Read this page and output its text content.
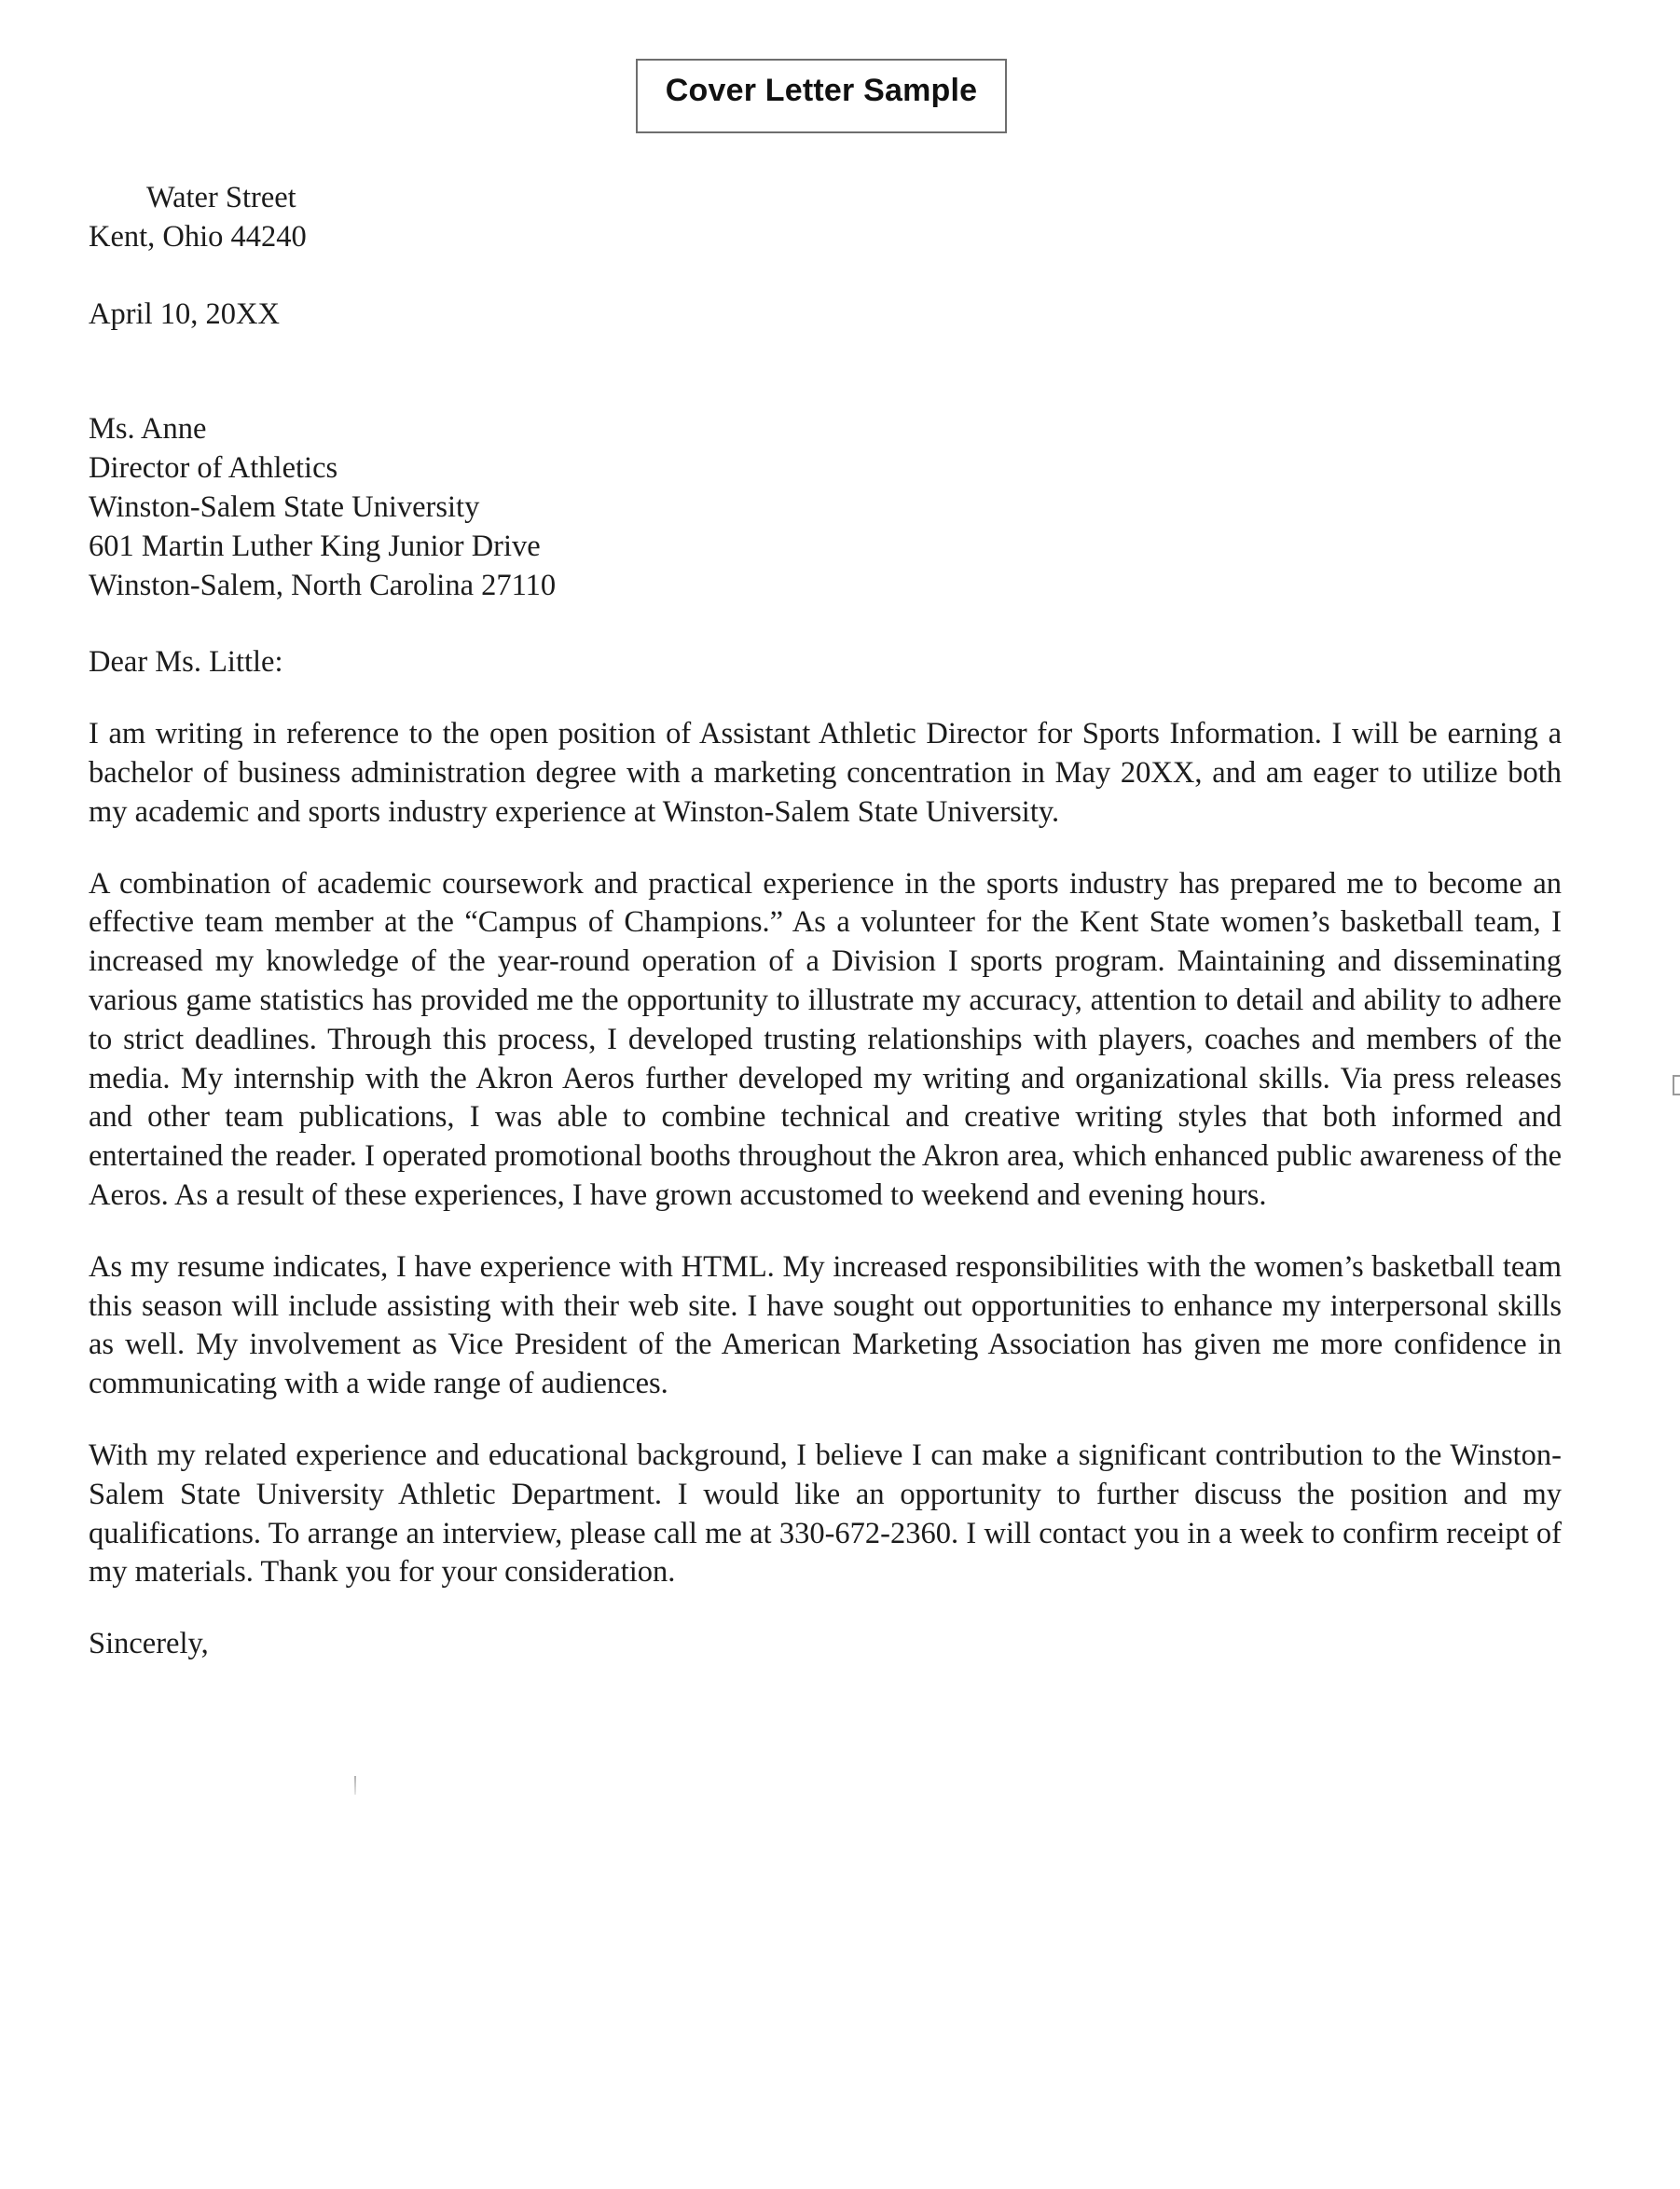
Cover Letter Sample
Water Street
Kent, Ohio 44240
April 10, 20XX
Ms. Anne
Director of Athletics
Winston-Salem State University
601 Martin Luther King Junior Drive
Winston-Salem, North Carolina 27110
Dear Ms. Little:

I am writing in reference to the open position of Assistant Athletic Director for Sports Information. I will be earning a bachelor of business administration degree with a marketing concentration in May 20XX, and am eager to utilize both my academic and sports industry experience at Winston-Salem State University.

A combination of academic coursework and practical experience in the sports industry has prepared me to become an effective team member at the “Campus of Champions.” As a volunteer for the Kent State women’s basketball team, I increased my knowledge of the year-round operation of a Division I sports program. Maintaining and disseminating various game statistics has provided me the opportunity to illustrate my accuracy, attention to detail and ability to adhere to strict deadlines. Through this process, I developed trusting relationships with players, coaches and members of the media. My internship with the Akron Aeros further developed my writing and organizational skills. Via press releases and other team publications, I was able to combine technical and creative writing styles that both informed and entertained the reader. I operated promotional booths throughout the Akron area, which enhanced public awareness of the Aeros. As a result of these experiences, I have grown accustomed to weekend and evening hours.

As my resume indicates, I have experience with HTML. My increased responsibilities with the women’s basketball team this season will include assisting with their web site. I have sought out opportunities to enhance my interpersonal skills as well. My involvement as Vice President of the American Marketing Association has given me more confidence in communicating with a wide range of audiences.

With my related experience and educational background, I believe I can make a significant contribution to the Winston-Salem State University Athletic Department. I would like an opportunity to further discuss the position and my qualifications. To arrange an interview, please call me at 330-672-2360. I will contact you in a week to confirm receipt of my materials. Thank you for your consideration.

Sincerely,
